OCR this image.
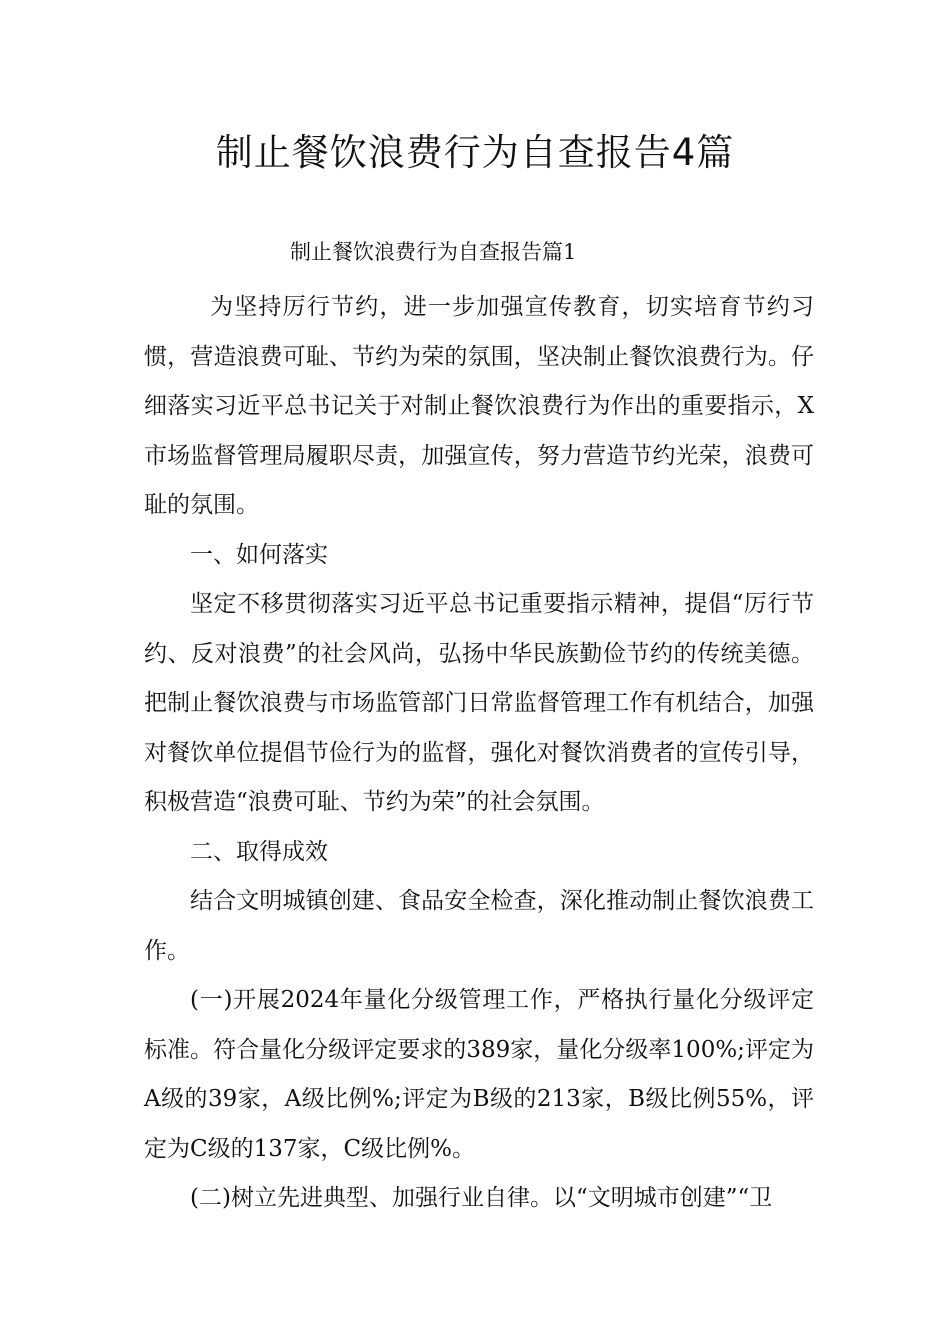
制止餐饮浪费行为自查报告4篇
制止餐饮浪费行为自查报告篇1

为坚持厉行节约，进一步加强宣传教育，切实培育节约习惯，营造浪费可耻、节约为荣的氛围，坚决制止餐饮浪费行为。仔细落实习近平总书记关于对制止餐饮浪费行为作出的重要指示，X市场监督管理局履职尽责，加强宣传，努力营造节约光荣，浪费可耻的氛围。

一、如何落实

坚定不移贯彻落实习近平总书记重要指示精神，提倡“厉行节约、反对浪费”的社会风尚，弘扬中华民族勤俭节约的传统美德。把制止餐饮浪费与市场监管部门日常监督管理工作有机结合，加强对餐饮单位提倡节俭行为的监督，强化对餐饮消费者的宣传引导，积极营造“浪费可耻、节约为荣”的社会氛围。

二、取得成效

结合文明城镇创建、食品安全检查，深化推动制止餐饮浪费工作。

(一)开展2024年量化分级管理工作，严格执行量化分级评定标准。符合量化分级评定要求的389家，量化分级率100%;评定为A级的39家，A级比例%;评定为B级的213家，B级比例55%，评定为C级的137家，C级比例%。

(二)树立先进典型、加强行业自律。以“文明城市创建”“卫
